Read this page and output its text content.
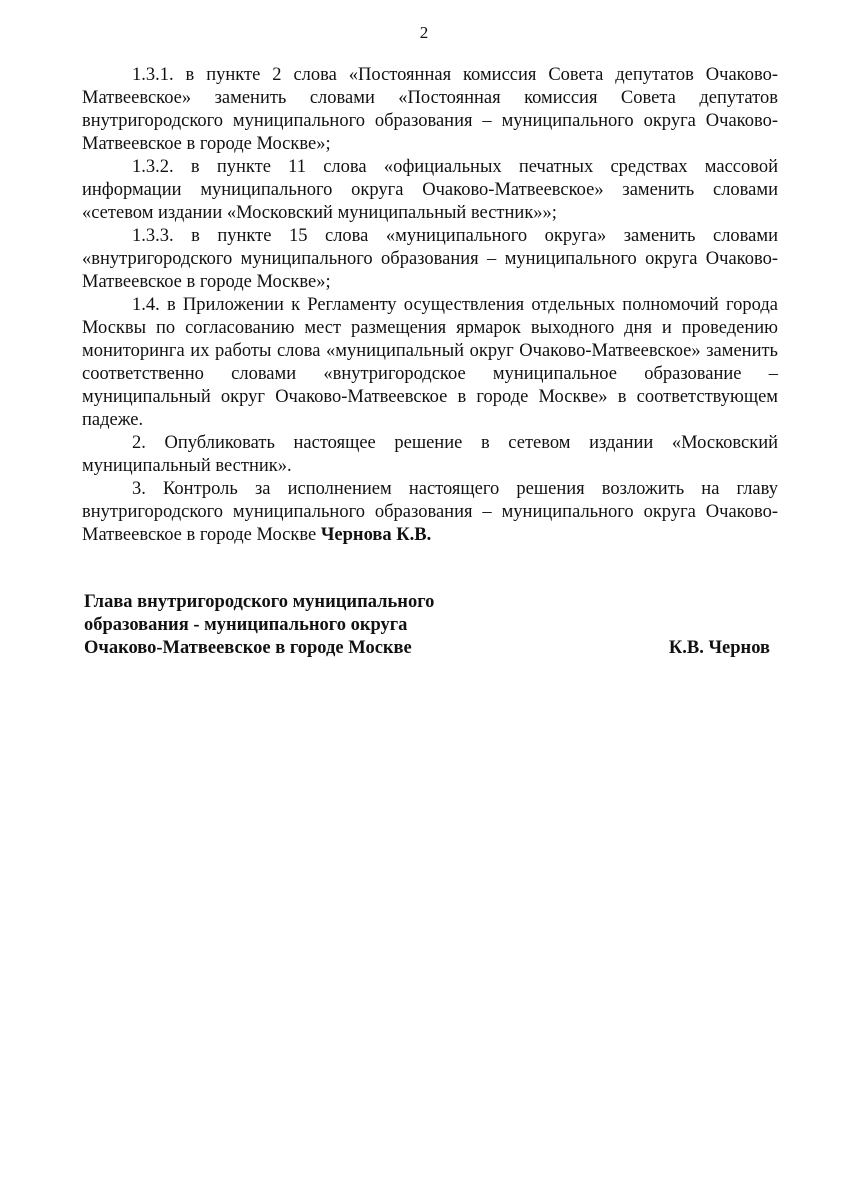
2

1.3.1. в пункте 2 слова «Постоянная комиссия Совета депутатов Очаково-Матвеевское» заменить словами «Постоянная комиссия Совета депутатов внутригородского муниципального образования – муниципального округа Очаково-Матвеевское в городе Москве»;

1.3.2. в пункте 11 слова «официальных печатных средствах массовой информации муниципального округа Очаково-Матвеевское» заменить словами «сетевом издании «Московский муниципальный вестник»»;

1.3.3. в пункте 15 слова «муниципального округа» заменить словами «внутригородского муниципального образования – муниципального округа Очаково-Матвеевское в городе Москве»;

1.4. в Приложении к Регламенту осуществления отдельных полномочий города Москвы по согласованию мест размещения ярмарок выходного дня и проведению мониторинга их работы слова «муниципальный округ Очаково-Матвеевское» заменить соответственно словами «внутригородское муниципальное образование – муниципальный округ Очаково-Матвеевское в городе Москве» в соответствующем падеже.

2. Опубликовать настоящее решение в сетевом издании «Московский муниципальный вестник».

3. Контроль за исполнением настоящего решения возложить на главу внутригородского муниципального образования – муниципального округа Очаково-Матвеевское в городе Москве Чернова К.В.

Глава внутригородского муниципального
образования - муниципального округа
Очаково-Матвеевское в городе Москве	К.В. Чернов
